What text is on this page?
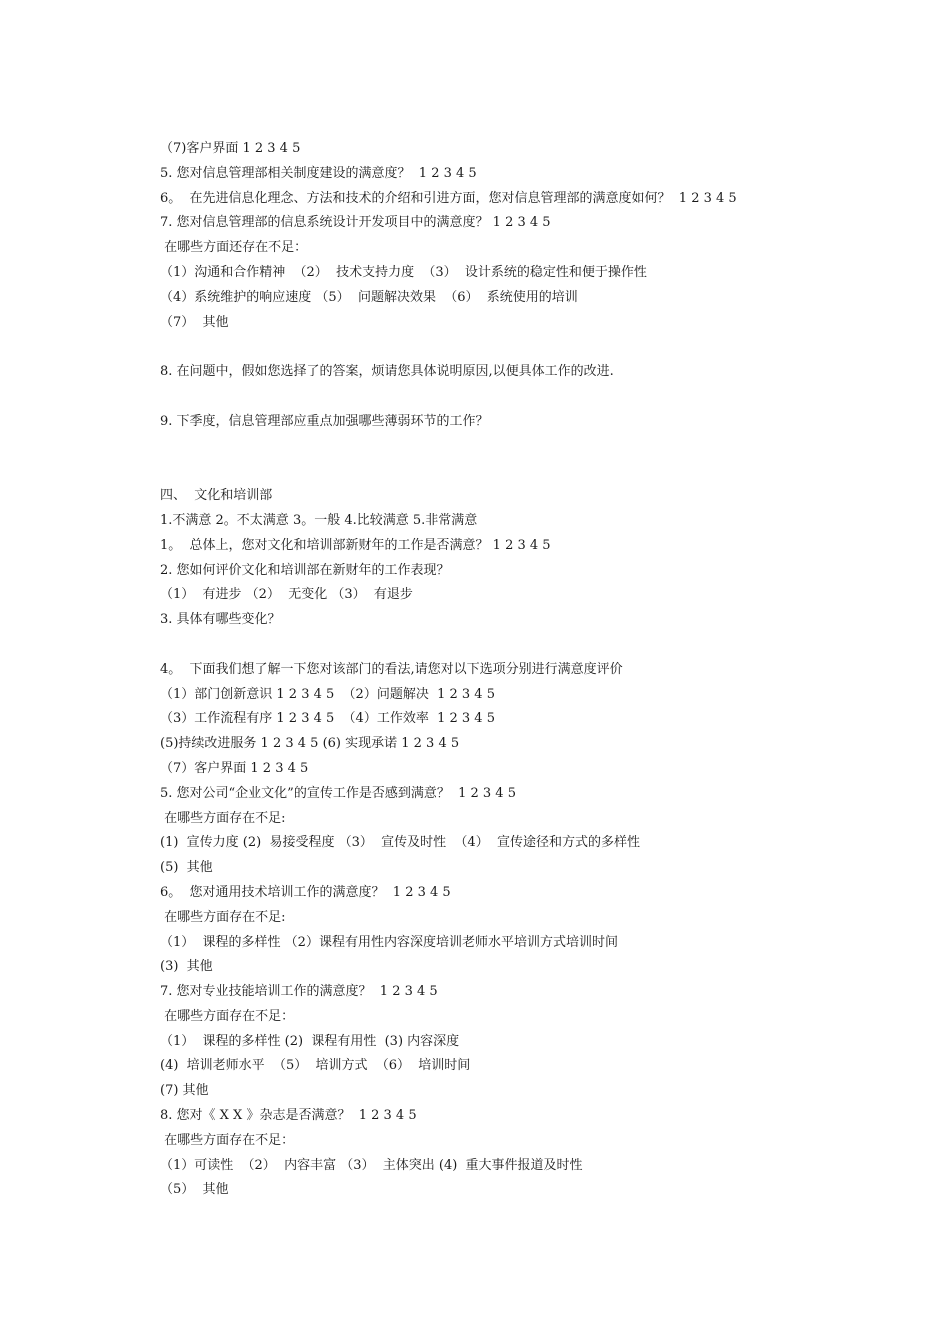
（7)客户界面 1 2 3 4 5
5. 您对信息管理部相关制度建设的满意度？  1 2 3 4 5
6。  在先进信息化理念、方法和技术的介绍和引进方面，您对信息管理部的满意度如何？  1 2 3 4 5
7. 您对信息管理部的信息系统设计开发项目中的满意度？ 1 2 3 4 5
在哪些方面还存在不足：
（1）沟通和合作精神  （2）  技术支持力度  （3）  设计系统的稳定性和便于操作性
（4）系统维护的响应速度 （5）  问题解决效果  （6）  系统使用的培训
（7）  其他
8. 在问题中，假如您选择了的答案，烦请您具体说明原因,以便具体工作的改进.
9. 下季度，信息管理部应重点加强哪些薄弱环节的工作？
四、  文化和培训部
1.不满意 2。不太满意 3。一般 4.比较满意 5.非常满意
1。  总体上，您对文化和培训部新财年的工作是否满意？ 1 2 3 4 5
2. 您如何评价文化和培训部在新财年的工作表现？
（1）  有进步 （2）  无变化 （3）  有退步
3. 具体有哪些变化？
4。  下面我们想了解一下您对该部门的看法,请您对以下选项分别进行满意度评价
（1）部门创新意识 1 2 3 4 5  （2）问题解决  1 2 3 4 5
（3）工作流程有序 1 2 3 4 5  （4）工作效率  1 2 3 4 5
(5)持续改进服务 1 2 3 4 5 (6) 实现承诺 1 2 3 4 5
（7）客户界面 1 2 3 4 5
5. 您对公司“企业文化”的宣传工作是否感到满意？  1 2 3 4 5
在哪些方面存在不足:
(1)  宣传力度 (2)  易接受程度 （3）  宣传及时性  （4）  宣传途径和方式的多样性
(5)  其他
6。  您对通用技术培训工作的满意度？  1 2 3 4 5
在哪些方面存在不足:
（1）  课程的多样性 （2）课程有用性内容深度培训老师水平培训方式培训时间
(3)  其他
7. 您对专业技能培训工作的满意度？  1 2 3 4 5
在哪些方面存在不足：
（1）  课程的多样性 (2)  课程有用性  (3) 内容深度
(4)  培训老师水平  （5）  培训方式  （6）  培训时间
(7) 其他
8. 您对《 X X 》杂志是否满意？  1 2 3 4 5
在哪些方面存在不足：
（1）可读性  （2）  内容丰富 （3）  主体突出 (4)  重大事件报道及时性
（5）  其他
